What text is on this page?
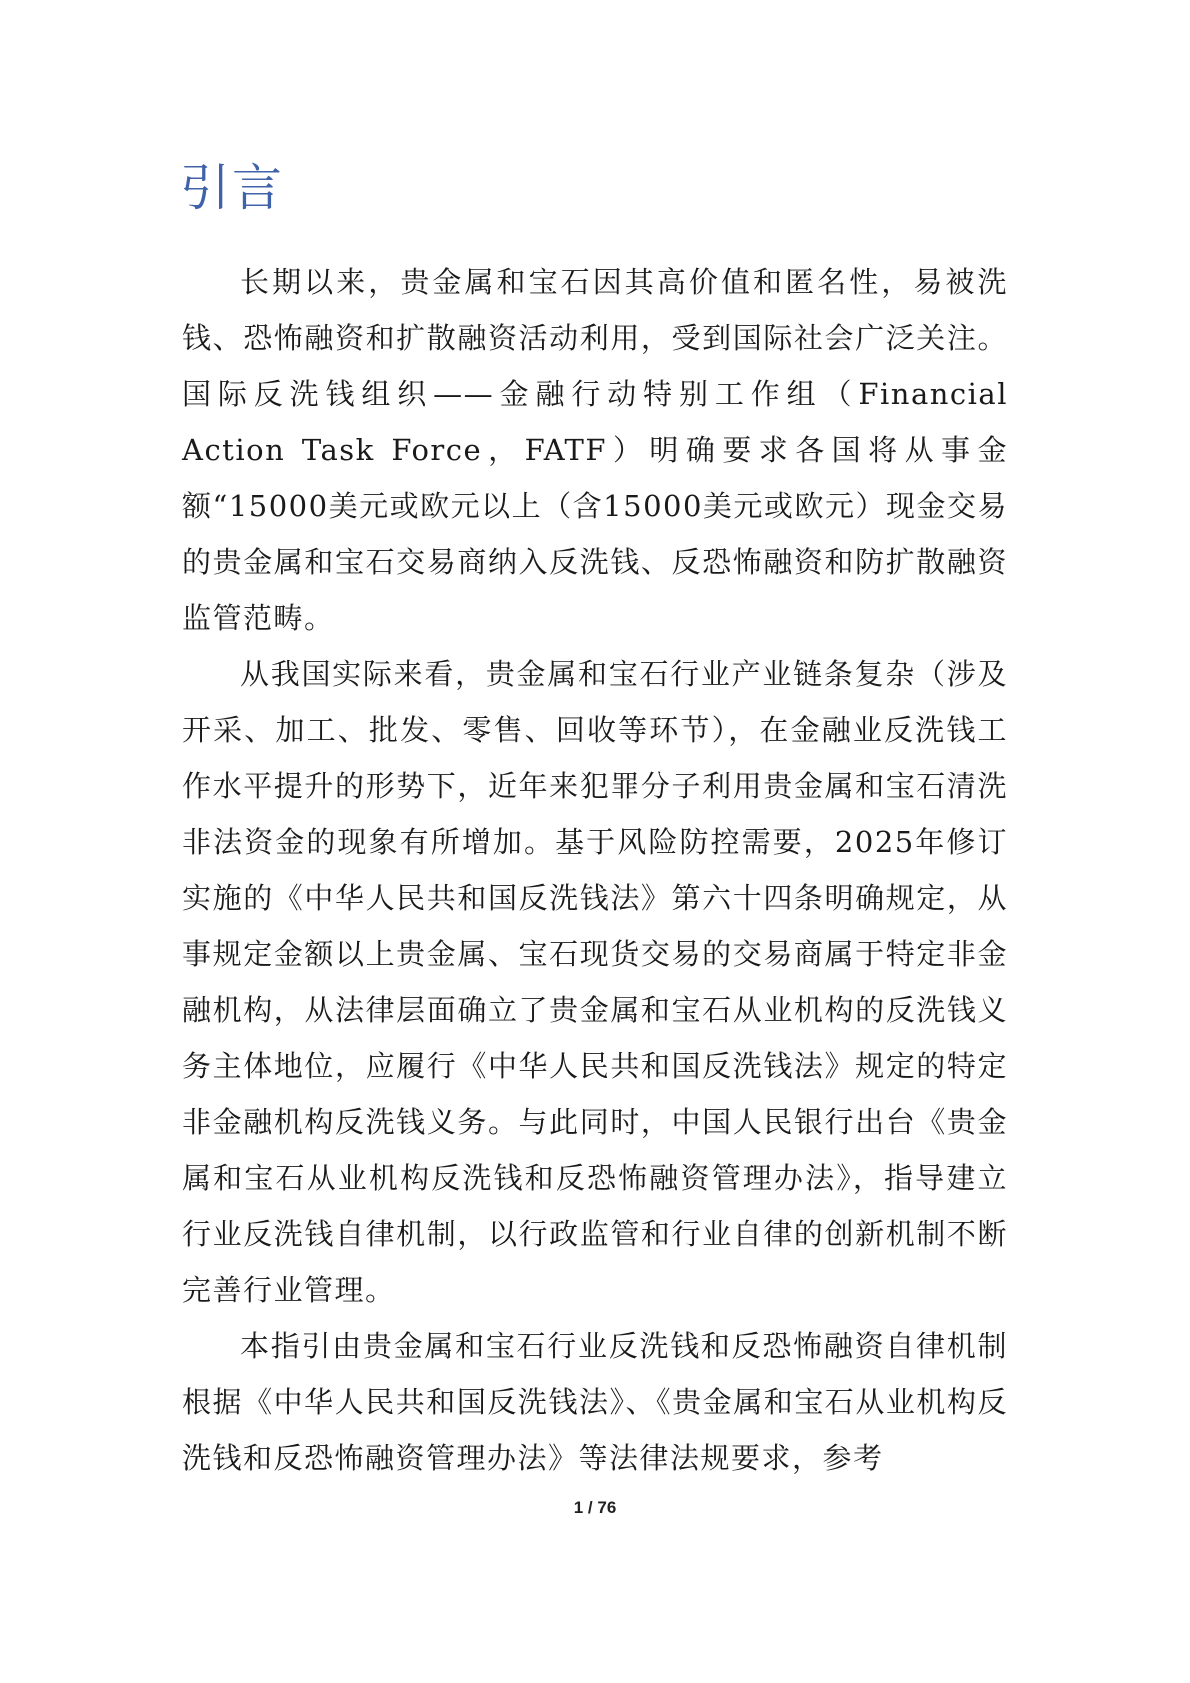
引言

长期以来，贵金属和宝石因其高价值和匿名性，易被洗钱、恐怖融资和扩散融资活动利用，受到国际社会广泛关注。国际反洗钱组织——金融行动特别工作组（Financial Action Task Force，FATF）明确要求各国将从事金额“15000美元或欧元以上（含15000美元或欧元）现金交易的贵金属和宝石交易商纳入反洗钱、反恐怖融资和防扩散融资监管范畴。

从我国实际来看，贵金属和宝石行业产业链条复杂（涉及开采、加工、批发、零售、回收等环节），在金融业反洗钱工作水平提升的形势下，近年来犯罪分子利用贵金属和宝石清洗非法资金的现象有所增加。基于风险防控需要，2025年修订实施的《中华人民共和国反洗钱法》第六十四条明确规定，从事规定金额以上贵金属、宝石现货交易的交易商属于特定非金融机构，从法律层面确立了贵金属和宝石从业机构的反洗钱义务主体地位，应履行《中华人民共和国反洗钱法》规定的特定非金融机构反洗钱义务。与此同时，中国人民银行出台《贵金属和宝石从业机构反洗钱和反恐怖融资管理办法》，指导建立行业反洗钱自律机制，以行政监管和行业自律的创新机制不断完善行业管理。

本指引由贵金属和宝石行业反洗钱和反恐怖融资自律机制根据《中华人民共和国反洗钱法》、《贵金属和宝石从业机构反洗钱和反恐怖融资管理办法》等法律法规要求，参考

1 / 76
